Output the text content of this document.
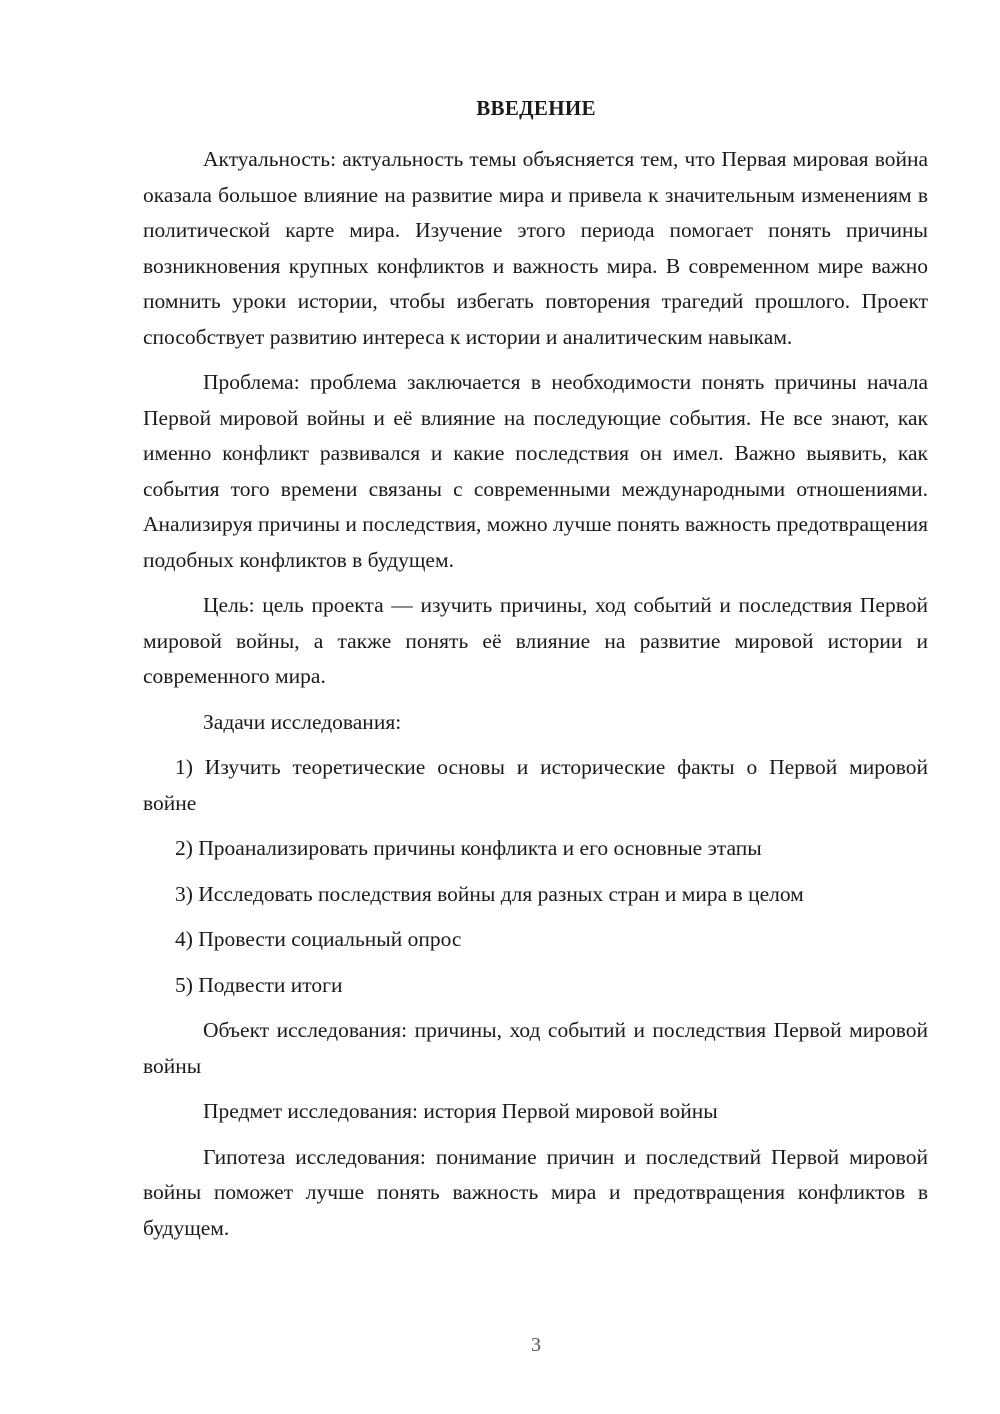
ВВЕДЕНИЕ

Актуальность: актуальность темы объясняется тем, что Первая мировая война оказала большое влияние на развитие мира и привела к значительным изменениям в политической карте мира. Изучение этого периода помогает понять причины возникновения крупных конфликтов и важность мира. В современном мире важно помнить уроки истории, чтобы избегать повторения трагедий прошлого. Проект способствует развитию интереса к истории и аналитическим навыкам.

Проблема: проблема заключается в необходимости понять причины начала Первой мировой войны и её влияние на последующие события. Не все знают, как именно конфликт развивался и какие последствия он имел. Важно выявить, как события того времени связаны с современными международными отношениями. Анализируя причины и последствия, можно лучше понять важность предотвращения подобных конфликтов в будущем.

Цель: цель проекта — изучить причины, ход событий и последствия Первой мировой войны, а также понять её влияние на развитие мировой истории и современного мира.

Задачи исследования:

1) Изучить теоретические основы и исторические факты о Первой мировой войне

2) Проанализировать причины конфликта и его основные этапы

3) Исследовать последствия войны для разных стран и мира в целом

4) Провести социальный опрос

5) Подвести итоги

Объект исследования: причины, ход событий и последствия Первой мировой войны

Предмет исследования: история Первой мировой войны

Гипотеза исследования: понимание причин и последствий Первой мировой войны поможет лучше понять важность мира и предотвращения конфликтов в будущем.

3
